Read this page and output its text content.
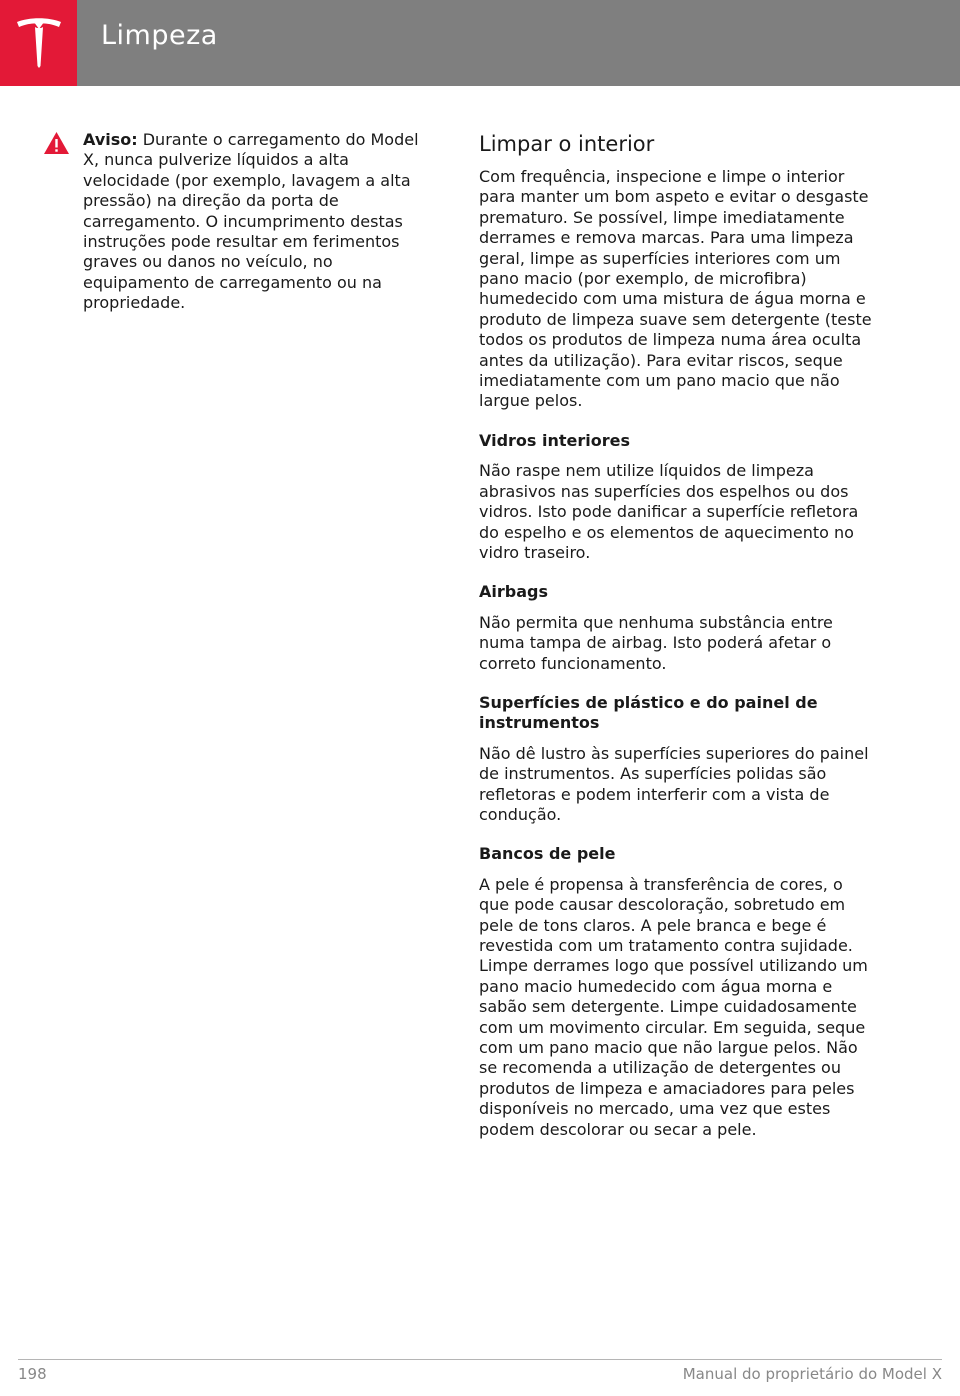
Limpeza

Aviso: Durante o carregamento do Model X, nunca pulverize líquidos a alta velocidade (por exemplo, lavagem a alta pressão) na direção da porta de carregamento. O incumprimento destas instruções pode resultar em ferimentos graves ou danos no veículo, no equipamento de carregamento ou na propriedade.

Limpar o interior

Com frequência, inspecione e limpe o interior para manter um bom aspeto e evitar o desgaste prematuro. Se possível, limpe imediatamente derrames e remova marcas. Para uma limpeza geral, limpe as superfícies interiores com um pano macio (por exemplo, de microfibra) humedecido com uma mistura de água morna e produto de limpeza suave sem detergente (teste todos os produtos de limpeza numa área oculta antes da utilização). Para evitar riscos, seque imediatamente com um pano macio que não largue pelos.

Vidros interiores

Não raspe nem utilize líquidos de limpeza abrasivos nas superfícies dos espelhos ou dos vidros. Isto pode danificar a superfície refletora do espelho e os elementos de aquecimento no vidro traseiro.

Airbags

Não permita que nenhuma substância entre numa tampa de airbag. Isto poderá afetar o correto funcionamento.

Superfícies de plástico e do painel de instrumentos

Não dê lustro às superfícies superiores do painel de instrumentos. As superfícies polidas são refletoras e podem interferir com a vista de condução.

Bancos de pele

A pele é propensa à transferência de cores, o que pode causar descoloração, sobretudo em pele de tons claros. A pele branca e bege é revestida com um tratamento contra sujidade. Limpe derrames logo que possível utilizando um pano macio humedecido com água morna e sabão sem detergente. Limpe cuidadosamente com um movimento circular. Em seguida, seque com um pano macio que não largue pelos. Não se recomenda a utilização de detergentes ou produtos de limpeza e amaciadores para peles disponíveis no mercado, uma vez que estes podem descolorar ou secar a pele.

198	Manual do proprietário do Model X
